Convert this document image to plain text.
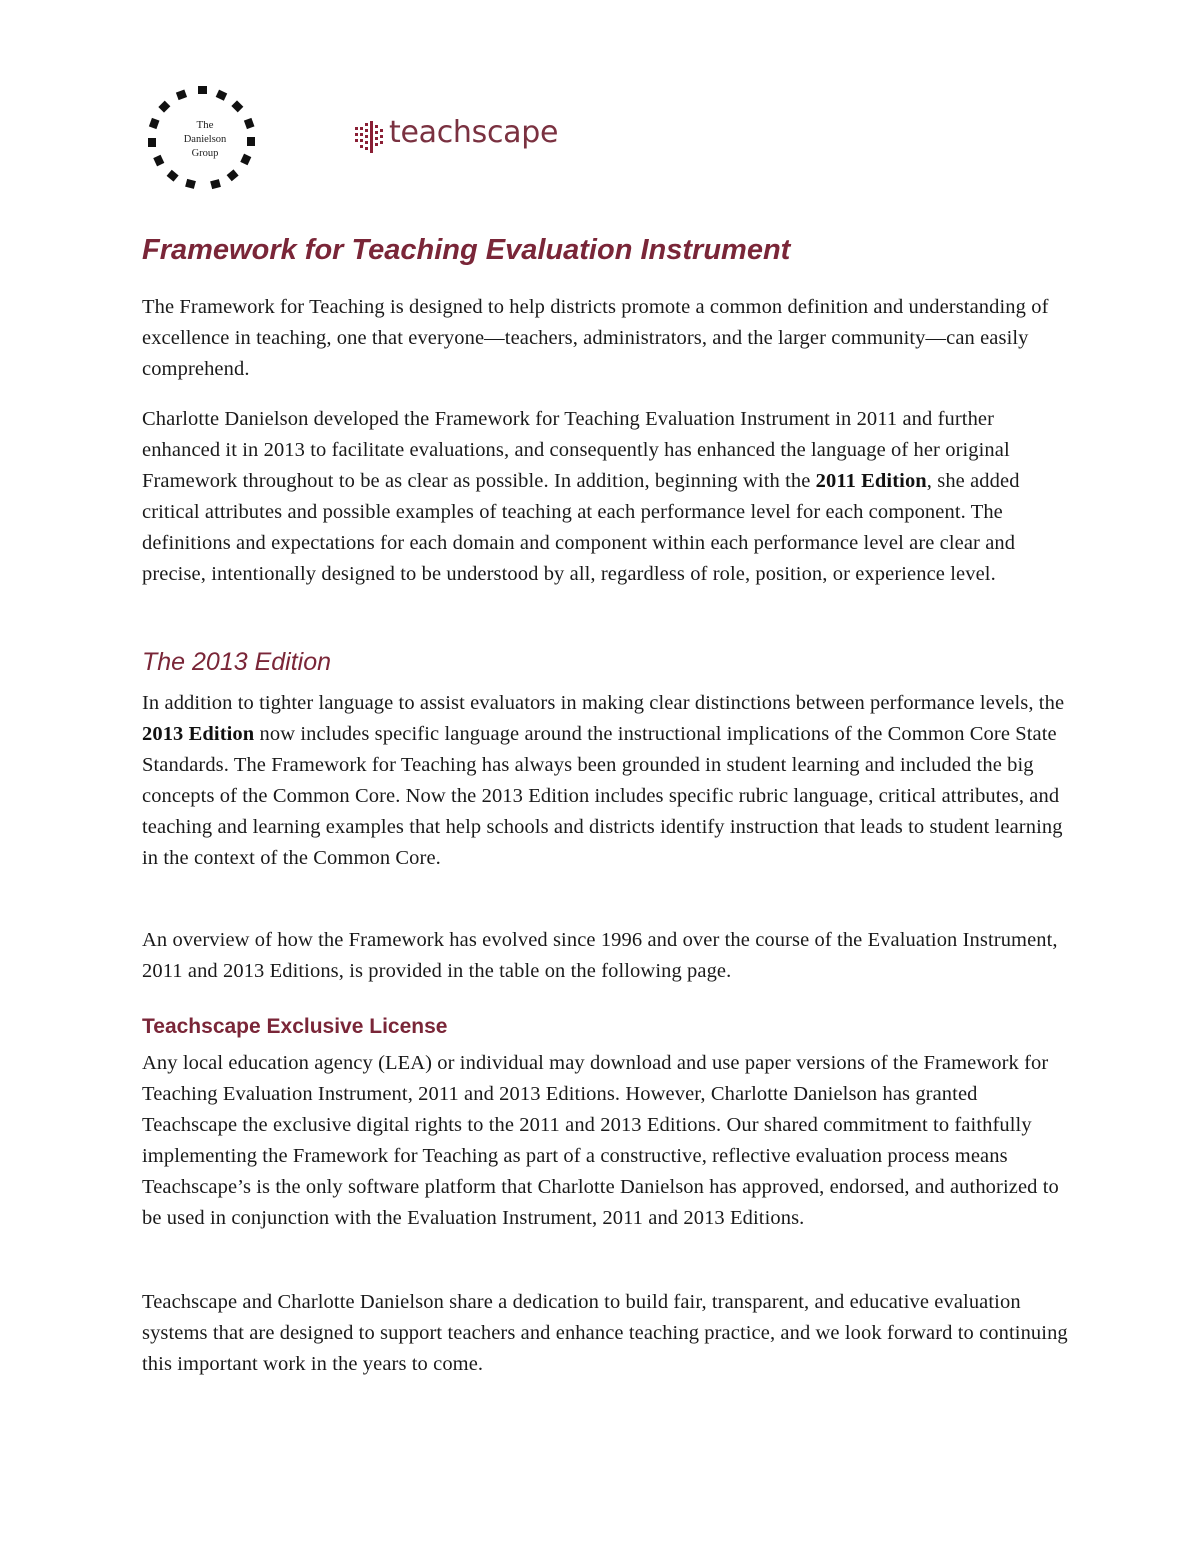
The
Danielson
Group
teachscape
Framework for Teaching Evaluation Instrument

The Framework for Teaching is designed to help districts promote a common definition and understanding of excellence in teaching, one that everyone—teachers, administrators, and the larger community—can easily comprehend.

Charlotte Danielson developed the Framework for Teaching Evaluation Instrument in 2011 and further enhanced it in 2013 to facilitate evaluations, and consequently has enhanced the language of her original Framework throughout to be as clear as possible. In addition, beginning with the 2011 Edition, she added critical attributes and possible examples of teaching at each performance level for each component. The definitions and expectations for each domain and component within each performance level are clear and precise, intentionally designed to be understood by all, regardless of role, position, or experience level.

The 2013 Edition

In addition to tighter language to assist evaluators in making clear distinctions between performance levels, the 2013 Edition now includes specific language around the instructional implications of the Common Core State Standards. The Framework for Teaching has always been grounded in student learning and included the big concepts of the Common Core. Now the 2013 Edition includes specific rubric language, critical attributes, and teaching and learning examples that help schools and districts identify instruction that leads to student learning in the context of the Common Core.

An overview of how the Framework has evolved since 1996 and over the course of the Evaluation Instrument, 2011 and 2013 Editions, is provided in the table on the following page.

Teachscape Exclusive License

Any local education agency (LEA) or individual may download and use paper versions of the Framework for Teaching Evaluation Instrument, 2011 and 2013 Editions. However, Charlotte Danielson has granted Teachscape the exclusive digital rights to the 2011 and 2013 Editions. Our shared commitment to faithfully implementing the Framework for Teaching as part of a constructive, reflective evaluation process means Teachscape’s is the only software platform that Charlotte Danielson has approved, endorsed, and authorized to be used in conjunction with the Evaluation Instrument, 2011 and 2013 Editions.

Teachscape and Charlotte Danielson share a dedication to build fair, transparent, and educative evaluation systems that are designed to support teachers and enhance teaching practice, and we look forward to continuing this important work in the years to come.
